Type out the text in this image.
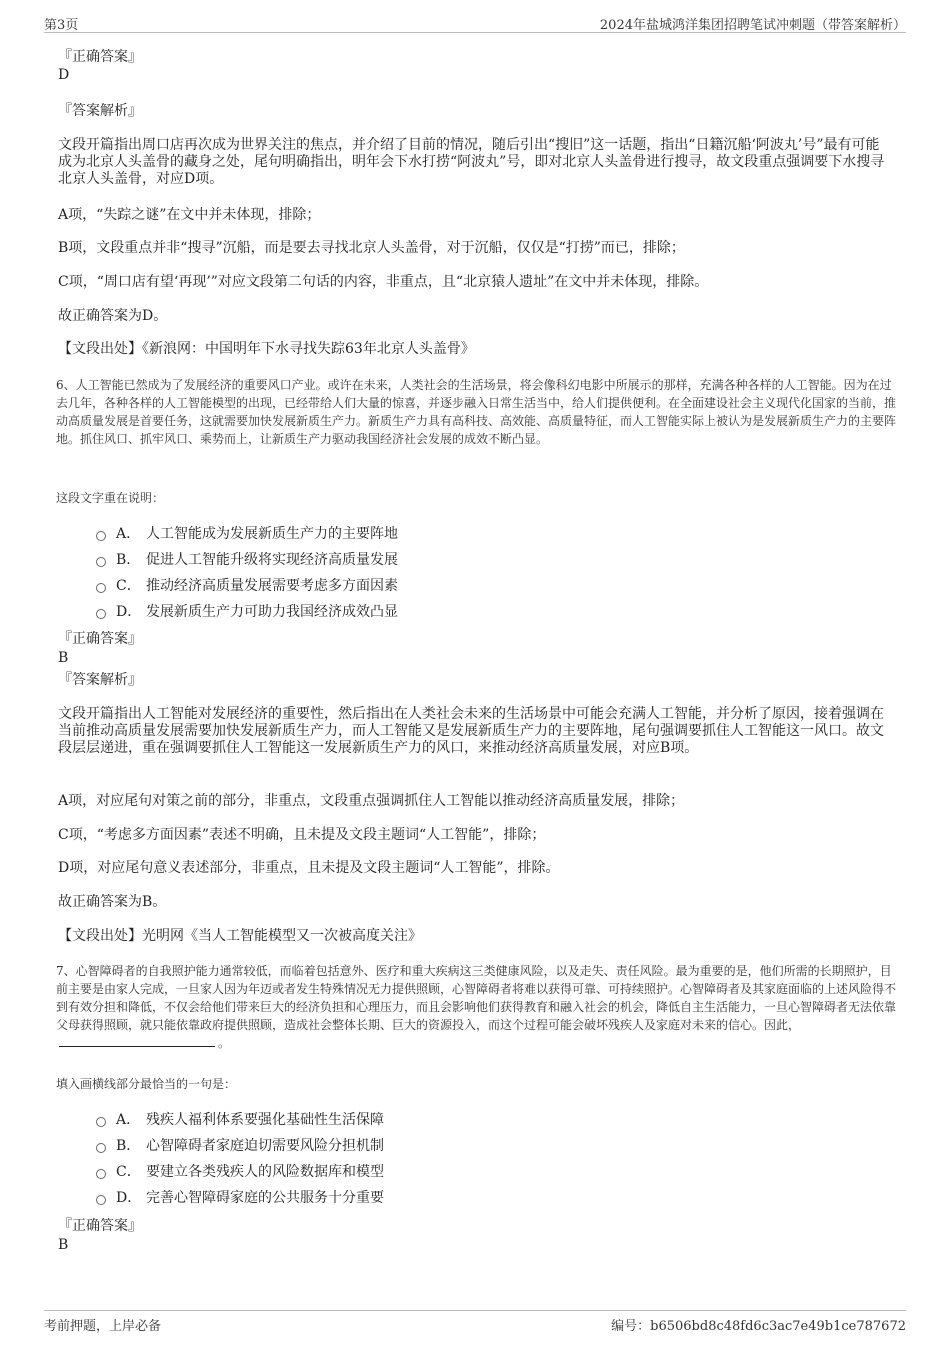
第3页	2024年盐城鸿洋集团招聘笔试冲刺题（带答案解析）
『正确答案』
D
『答案解析』
文段开篇指出周口店再次成为世界关注的焦点，并介绍了目前的情况，随后引出“搜旧”这一话题，指出“日籍沉船‘阿波丸’号”最有可能成为北京人头盖骨的藏身之处，尾句明确指出，明年会下水打捞“阿波丸”号，即对北京人头盖骨进行搜寻，故文段重点强调要下水搜寻北京人头盖骨，对应D项。
A项，“失踪之谜”在文中并未体现，排除；
B项，文段重点并非“搜寻”沉船，而是要去寻找北京人头盖骨，对于沉船，仅仅是“打捞”而已，排除；
C项，“周口店有望‘再现’”对应文段第二句话的内容，非重点，且“北京猿人遗址”在文中并未体现，排除。
故正确答案为D。
【文段出处】《新浪网：中国明年下水寻找失踪63年北京人头盖骨》
6、人工智能已然成为了发展经济的重要风口产业。或许在未来，人类社会的生活场景，将会像科幻电影中所展示的那样，充满各种各样的人工智能。因为在过去几年，各种各样的人工智能模型的出现，已经带给人们大量的惊喜，并逐步融入日常生活当中，给人们提供便利。在全面建设社会主义现代化国家的当前，推动高质量发展是首要任务，这就需要加快发展新质生产力。新质生产力具有高科技、高效能、高质量特征，而人工智能实际上被认为是发展新质生产力的主要阵地。抓住风口、抓牢风口、乘势而上，让新质生产力驱动我国经济社会发展的成效不断凸显。
这段文字重在说明：
A． 人工智能成为发展新质生产力的主要阵地
B． 促进人工智能升级将实现经济高质量发展
C． 推动经济高质量发展需要考虑多方面因素
D． 发展新质生产力可助力我国经济成效凸显
『正确答案』
B
『答案解析』
文段开篇指出人工智能对发展经济的重要性，然后指出在人类社会未来的生活场景中可能会充满人工智能，并分析了原因，接着强调在当前推动高质量发展需要加快发展新质生产力，而人工智能又是发展新质生产力的主要阵地，尾句强调要抓住人工智能这一风口。故文段层层递进，重在强调要抓住人工智能这一发展新质生产力的风口，来推动经济高质量发展，对应B项。
A项，对应尾句对策之前的部分，非重点，文段重点强调抓住人工智能以推动经济高质量发展，排除；
C项，“考虑多方面因素”表述不明确，且未提及文段主题词“人工智能”，排除；
D项，对应尾句意义表述部分，非重点，且未提及文段主题词“人工智能”，排除。
故正确答案为B。
【文段出处】光明网《当人工智能模型又一次被高度关注》
7、心智障碍者的自我照护能力通常较低，而临着包括意外、医疗和重大疾病这三类健康风险，以及走失、责任风险。最为重要的是，他们所需的长期照护，目前主要是由家人完成，一旦家人因为年迈或者发生特殊情况无力提供照顾，心智障碍者将难以获得可靠、可持续照护。心智障碍者及其家庭面临的上述风险得不到有效分担和降低，不仅会给他们带来巨大的经济负担和心理压力，而且会影响他们获得教育和融入社会的机会，降低自主生活能力，一旦心智障碍者无法依靠父母获得照顾，就只能依靠政府提供照顾，造成社会整体长期、巨大的资源投入，而这个过程可能会破坏残疾人及家庭对未来的信心。因此，。
填入画横线部分最恰当的一句是：
A． 残疾人福利体系要强化基础性生活保障
B． 心智障碍者家庭迫切需要风险分担机制
C． 要建立各类残疾人的风险数据库和模型
D． 完善心智障碍家庭的公共服务十分重要
『正确答案』
B
考前押题，上岸必备	编号：b6506bd8c48fd6c3ac7e49b1ce787672
